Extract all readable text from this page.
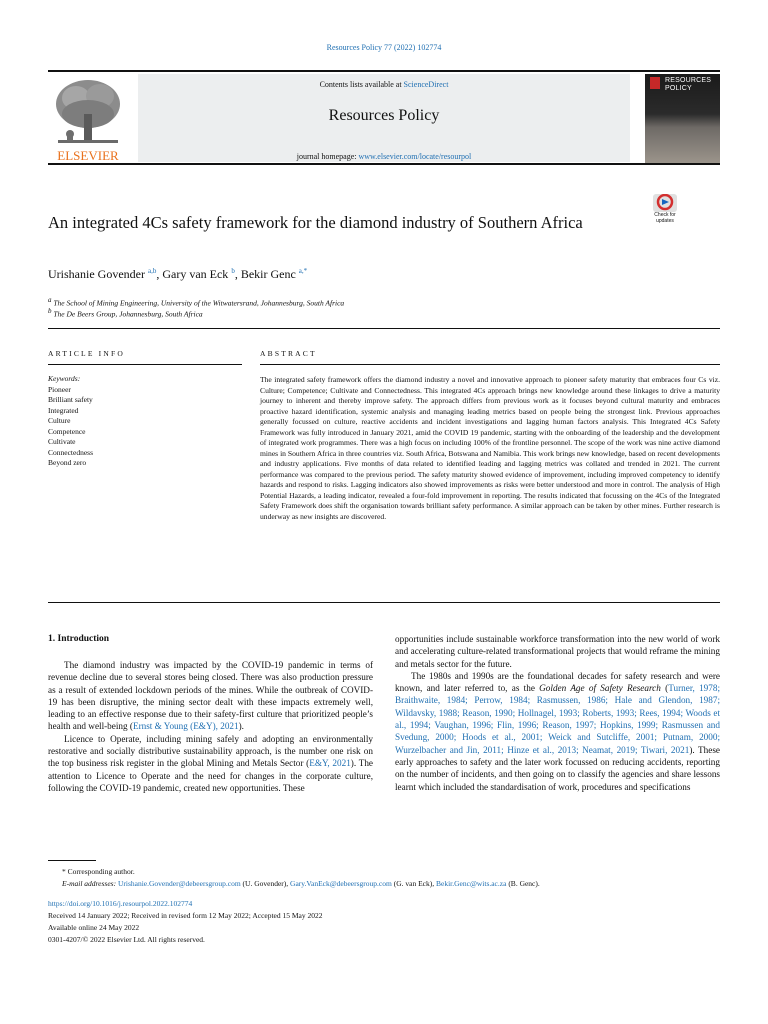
Resources Policy 77 (2022) 102774
ELSEVIER
Contents lists available at ScienceDirect
Resources Policy
journal homepage: www.elsevier.com/locate/resourpol
RESOURCES
POLICY
Check for
updates
An integrated 4Cs safety framework for the diamond industry of Southern Africa
Urishanie Govender $^{a,b}$, Gary van Eck $^b$, Bekir Genc $^{a,*}$
$^a$ The School of Mining Engineering, University of the Witwatersrand, Johannesburg, South Africa
$^b$ The De Beers Group, Johannesburg, South Africa
ARTICLE INFO	ABSTRACT
Keywords:
Pioneer
Brilliant safety
Integrated
Culture
Competence
Cultivate
Connectedness
Beyond zero
The integrated safety framework offers the diamond industry a novel and innovative approach to pioneer safety maturity that embraces four Cs viz. Culture; Competence; Cultivate and Connectedness. This integrated 4Cs approach brings new knowledge around these linkages to drive a maturity journey to inherent and thereby improve safety. The approach differs from previous work as it focuses beyond cultural maturity and embraces proactive hazard identification, systemic analysis and managing leading metrics based on people being the strongest link. Previous approaches generally focussed on culture, reactive accidents and incident investigations and lagging human factors analysis. This Integrated 4Cs Safety Framework was fully introduced in January 2021, amid the COVID 19 pandemic, starting with the onboarding of the leadership and the development of integrated work programmes. There was a high focus on including 100% of the frontline personnel. The scope of the work was nine active diamond mines in Southern Africa in three countries viz. South Africa, Botswana and Namibia. This work brings new knowledge, based on recent developments and industry applications. Five months of data related to identified leading and lagging metrics was collated and trended in 2021. The current performance was compared to the previous period. The safety maturity showed evidence of improvement, including improved competency to identify hazards and respond to risks. Lagging indicators also showed improvements as risks were better understood and more in control. The analysis of High Potential Hazards, a leading indicator, revealed a four-fold improvement in reporting. The results indicated that focussing on the 4Cs of the Integrated Safety Framework does shift the organisation towards brilliant safety performance. A similar approach can be taken by other mines. Further research is underway as new insights are discovered.
1. Introduction

The diamond industry was impacted by the COVID-19 pandemic in terms of revenue decline due to several stores being closed. There was also production pressure as a result of extended lockdown periods of the mines. While the outbreak of COVID-19 has been disruptive, the mining sector dealt with these impacts extremely well, leading to an effective response due to their safety-first culture that prioritized people’s health and well-being (Ernst & Young (E&Y), 2021).

Licence to Operate, including mining safely and adopting an environmentally restorative and socially distributive sustainability approach, is the number one risk on the top business risk register in the global Mining and Metals Sector (E&Y, 2021). The attention to Licence to Operate and the need for changes in the corporate culture, following the COVID-19 pandemic, created new opportunities. These

opportunities include sustainable workforce transformation into the new world of work and accelerating culture-related transformational projects that would reframe the mining and metals sector for the future.

The 1980s and 1990s are the foundational decades for safety research and were known, and later referred to, as the Golden Age of Safety Research (Turner, 1978; Braithwaite, 1984; Perrow, 1984; Rasmussen, 1986; Hale and Glendon, 1987; Wildavsky, 1988; Reason, 1990; Hollnagel, 1993; Roberts, 1993; Rees, 1994; Woods et al., 1994; Vaughan, 1996; Flin, 1996; Reason, 1997; Hopkins, 1999; Rasmussen and Svedung, 2000; Hoods et al., 2001; Weick and Sutcliffe, 2001; Putnam, 2000; Wurzelbacher and Jin, 2011; Hinze et al., 2013; Neamat, 2019; Tiwari, 2021). These early approaches to safety and the later work focussed on reducing accidents, reporting on the number of incidents, and then going on to classify the agencies and share lessons learnt which included the standardisation of work, procedures and specifications

* Corresponding author.
E-mail addresses: Urishanie.Govender@debeersgroup.com (U. Govender), Gary.VanEck@debeersgroup.com (G. van Eck), Bekir.Genc@wits.ac.za (B. Genc).
https://doi.org/10.1016/j.resourpol.2022.102774
Received 14 January 2022; Received in revised form 12 May 2022; Accepted 15 May 2022
Available online 24 May 2022
0301-4207/© 2022 Elsevier Ltd. All rights reserved.
